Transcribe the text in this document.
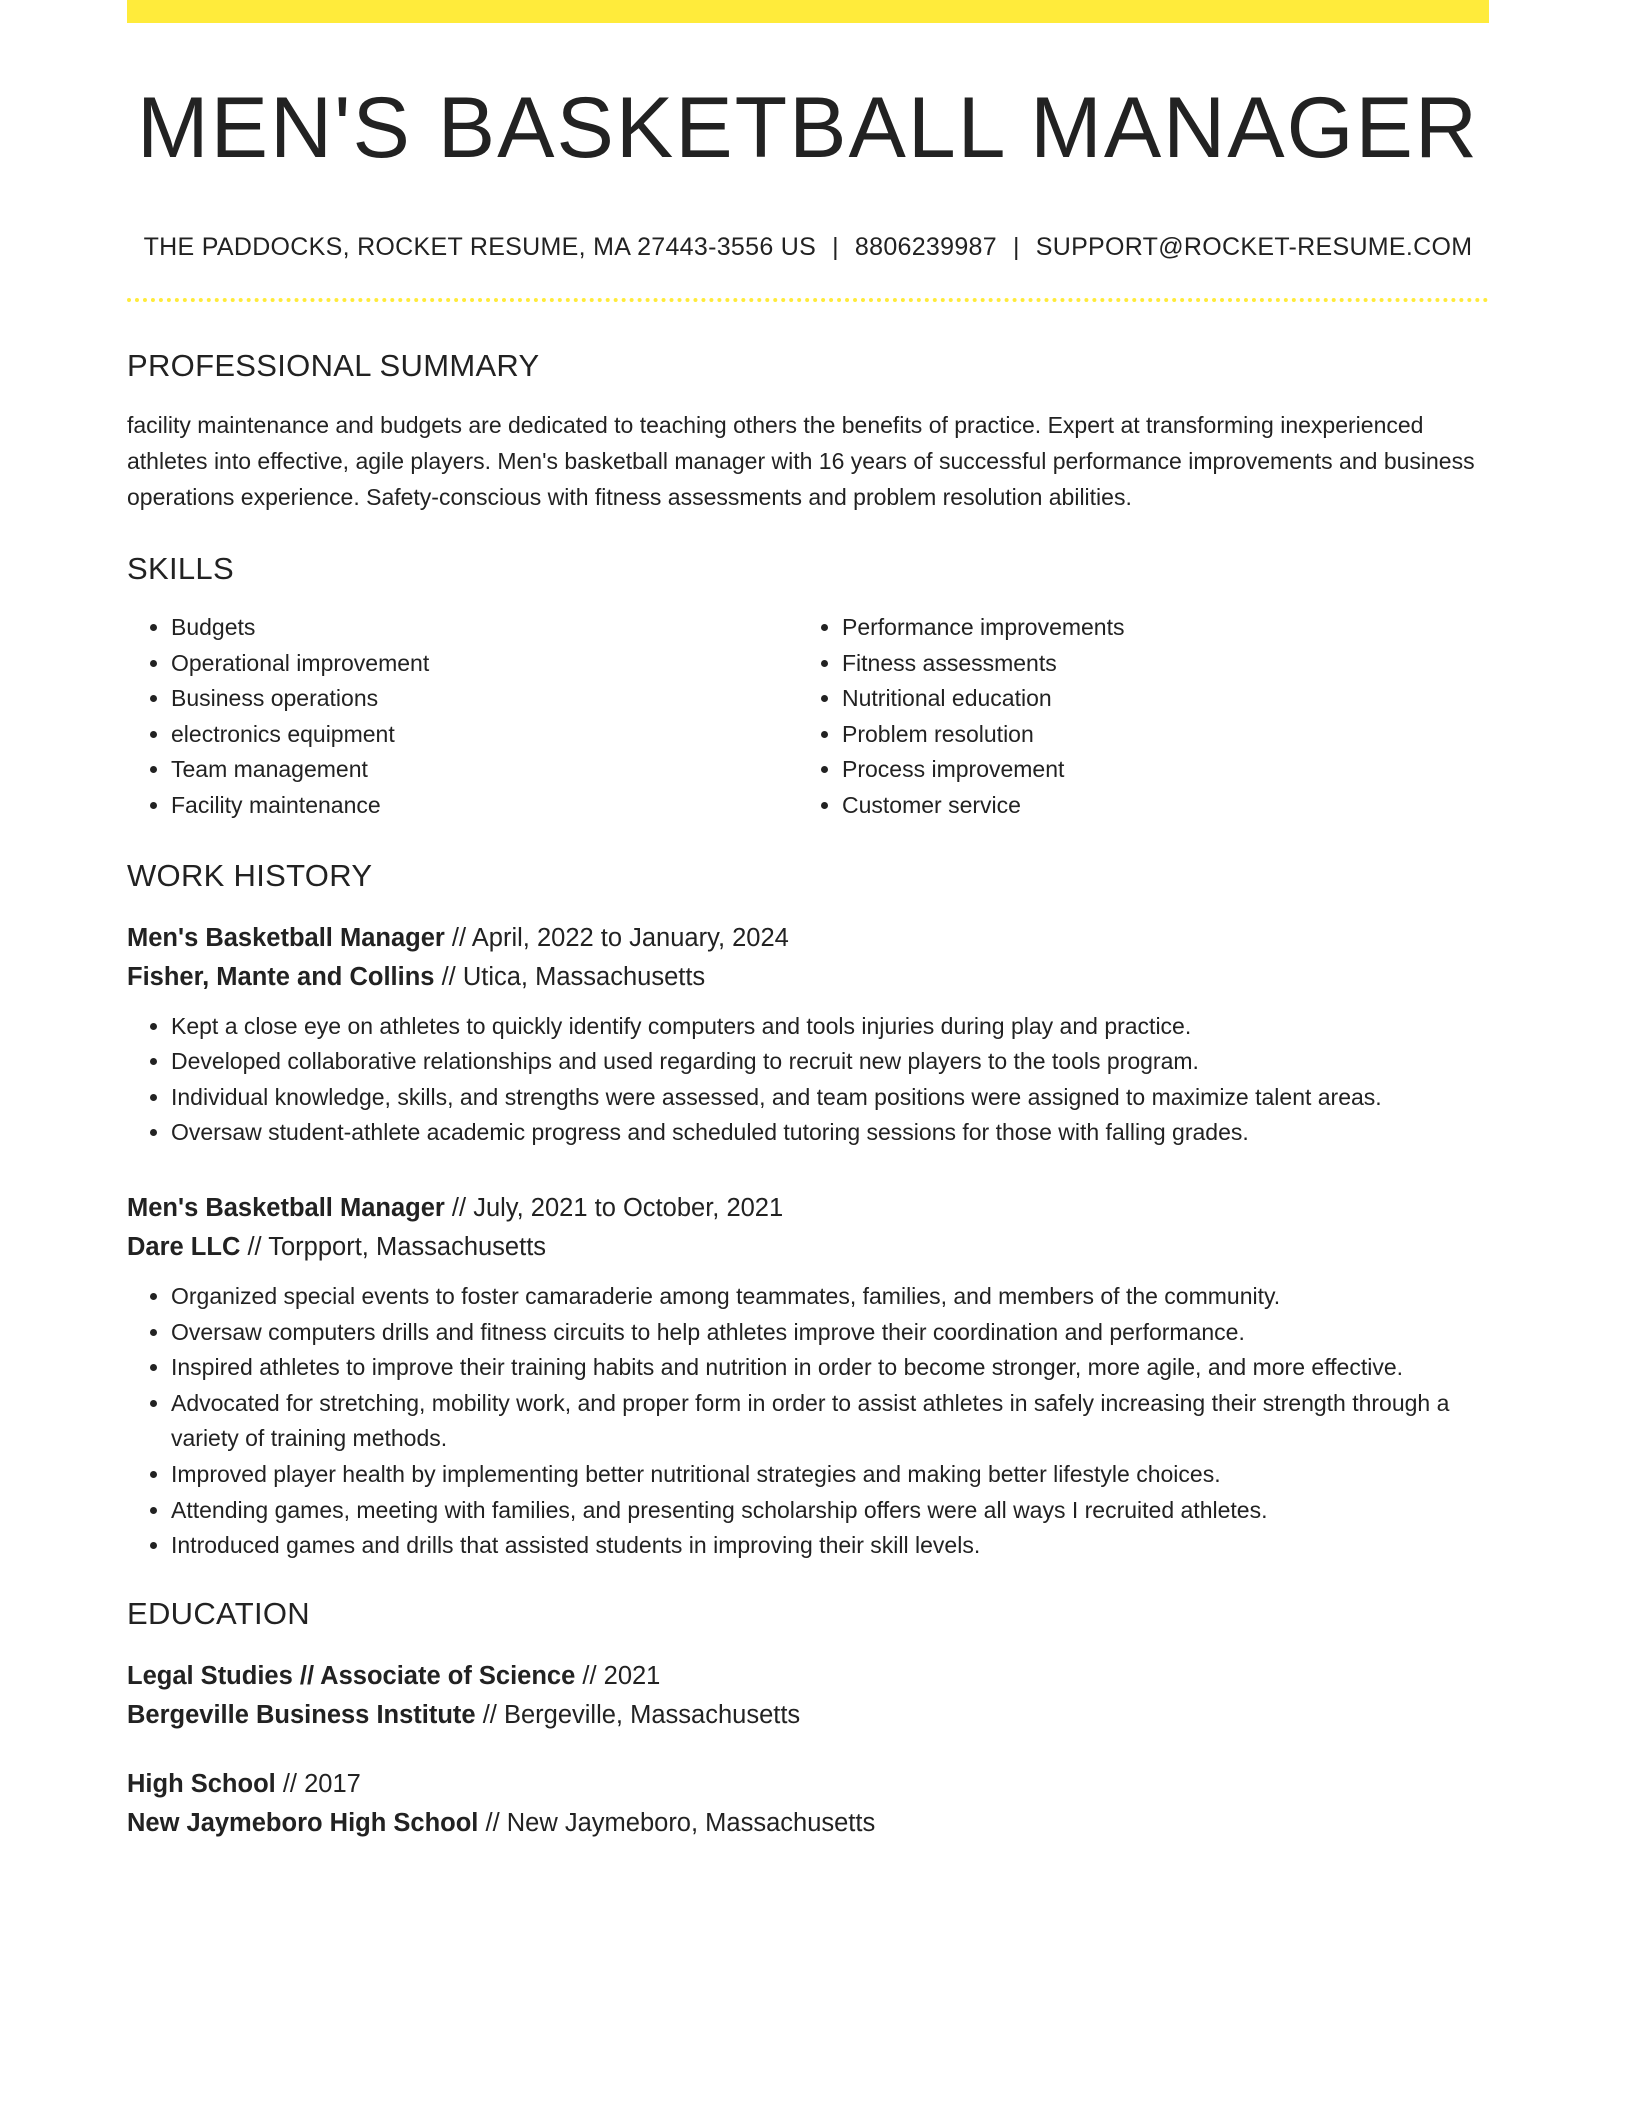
MEN'S BASKETBALL MANAGER
THE PADDOCKS, ROCKET RESUME, MA 27443-3556 US | 8806239987 | SUPPORT@ROCKET-RESUME.COM
PROFESSIONAL SUMMARY

facility maintenance and budgets are dedicated to teaching others the benefits of practice. Expert at transforming inexperienced athletes into effective, agile players. Men's basketball manager with 16 years of successful performance improvements and business operations experience. Safety-conscious with fitness assessments and problem resolution abilities.

SKILLS
• Budgets
• Operational improvement
• Business operations
• electronics equipment
• Team management
• Facility maintenance
• Performance improvements
• Fitness assessments
• Nutritional education
• Problem resolution
• Process improvement
• Customer service
WORK HISTORY
Men's Basketball Manager // April, 2022 to January, 2024
Fisher, Mante and Collins // Utica, Massachusetts
• Kept a close eye on athletes to quickly identify computers and tools injuries during play and practice.
• Developed collaborative relationships and used regarding to recruit new players to the tools program.
• Individual knowledge, skills, and strengths were assessed, and team positions were assigned to maximize talent areas.
• Oversaw student-athlete academic progress and scheduled tutoring sessions for those with falling grades.
Men's Basketball Manager // July, 2021 to October, 2021
Dare LLC // Torpport, Massachusetts
• Organized special events to foster camaraderie among teammates, families, and members of the community.
• Oversaw computers drills and fitness circuits to help athletes improve their coordination and performance.
• Inspired athletes to improve their training habits and nutrition in order to become stronger, more agile, and more effective.
• Advocated for stretching, mobility work, and proper form in order to assist athletes in safely increasing their strength through a variety of training methods.
• Improved player health by implementing better nutritional strategies and making better lifestyle choices.
• Attending games, meeting with families, and presenting scholarship offers were all ways I recruited athletes.
• Introduced games and drills that assisted students in improving their skill levels.
EDUCATION
Legal Studies // Associate of Science // 2021
Bergeville Business Institute // Bergeville, Massachusetts
High School // 2017
New Jaymeboro High School // New Jaymeboro, Massachusetts
